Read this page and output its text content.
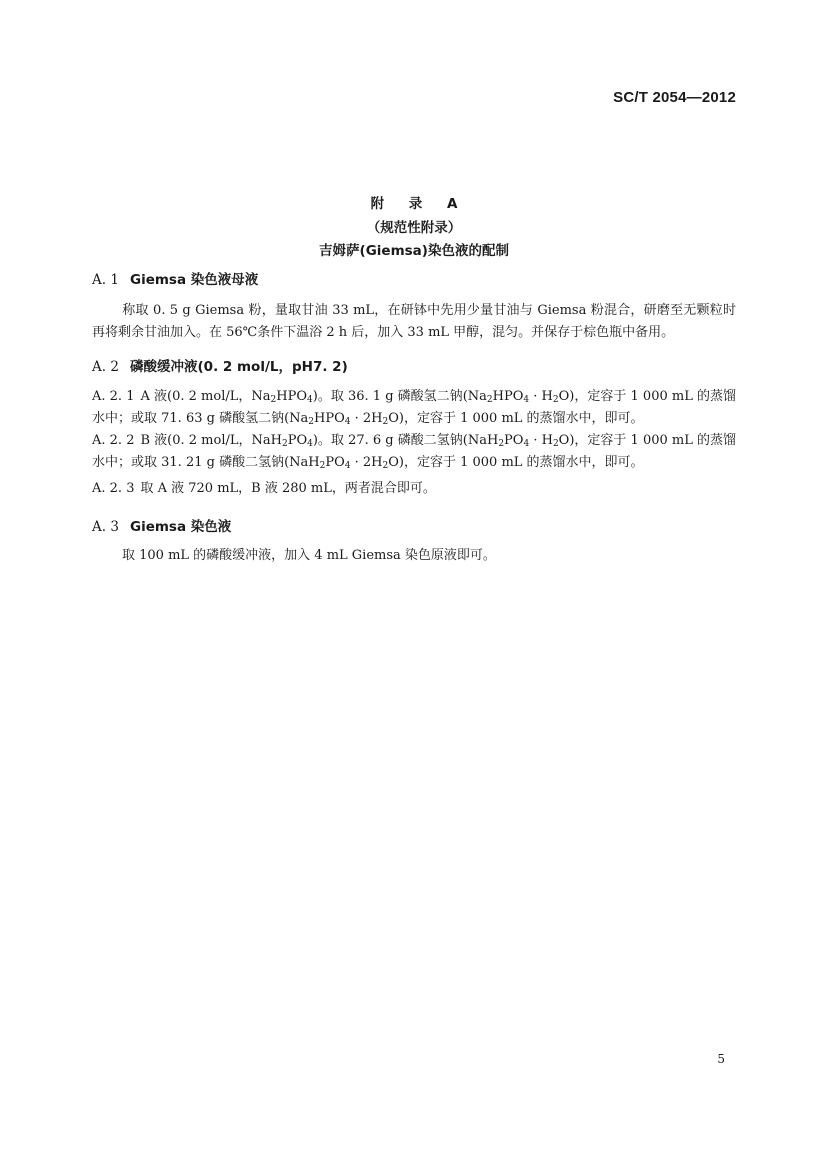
SC/T 2054—2012
附 录 A
（规范性附录）
吉姆萨(Giemsa)染色液的配制
A. 1 Giemsa 染色液母液
称取 0. 5 g Giemsa 粉，量取甘油 33 mL，在研钵中先用少量甘油与 Giemsa 粉混合，研磨至无颗粒时再将剩余甘油加入。在 56℃条件下温浴 2 h 后，加入 33 mL 甲醇，混匀。并保存于棕色瓶中备用。
A. 2 磷酸缓冲液(0. 2 mol/L，pH7. 2)
A. 2. 1 A 液(0. 2 mol/L，$Na_2HPO_4$)。取 36. 1 g 磷酸氢二钠$(Na_2HPO_4 \cdot H_2O)$，定容于 1 000 mL 的蒸馏水中；或取 71. 63 g 磷酸氢二钠$(Na_2HPO_4 \cdot 2H_2O)$，定容于 1 000 mL 的蒸馏水中，即可。
A. 2. 2 B 液(0. 2 mol/L，$NaH_2PO_4$)。取 27. 6 g 磷酸二氢钠$(NaH_2PO_4 \cdot H_2O)$，定容于 1 000 mL 的蒸馏水中；或取 31. 21 g 磷酸二氢钠$(NaH_2PO_4 \cdot 2H_2O)$，定容于 1 000 mL 的蒸馏水中，即可。
A. 2. 3 取 A 液 720 mL，B 液 280 mL，两者混合即可。
A. 3 Giemsa 染色液
取 100 mL 的磷酸缓冲液，加入 4 mL Giemsa 染色原液即可。
5
